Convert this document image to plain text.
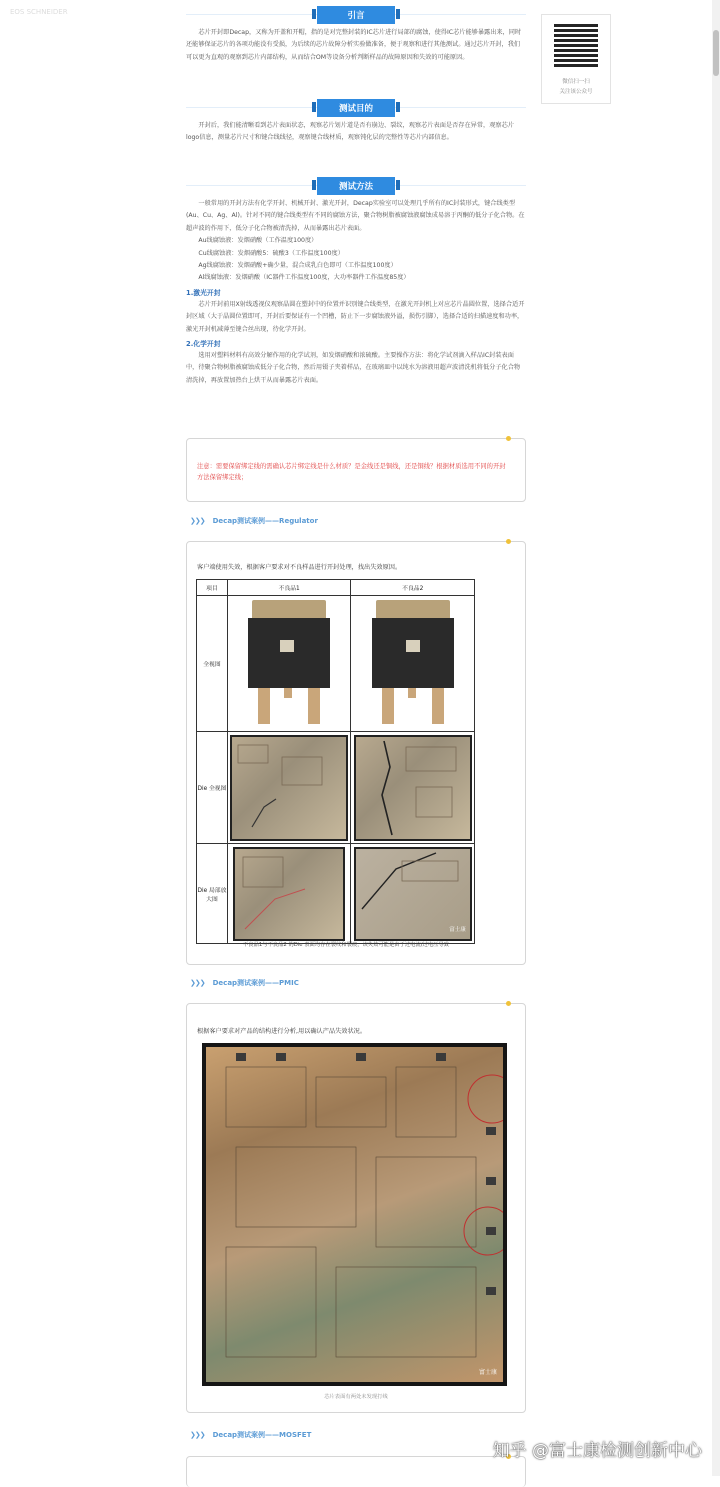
EOS SCHNEIDER	引言

芯片开封即Decap，又称为开盖和开帽，指的是对完整封装的IC芯片进行局部的腐蚀，使得IC芯片能够暴露出来，同时还能够保证芯片的各项功能没有受损，为后续的芯片故障分析实验做准备，便于观察和进行其他测试。通过芯片开封，我们可以更为直观的观察到芯片内部结构，从而结合OM等设备分析判断样品的故障原因和失效的可能原因。

测试目的

开封后，我们能清晰看到芯片表面状态，观察芯片划片道是否有崩边、裂纹，观察芯片表面是否存在异常，观察芯片logo信息，测量芯片尺寸和键合线线径，观察键合线材质，观察钝化层的完整性等芯片内部信息。

测试方法

一般常用的开封方法有化学开封、机械开封、激光开封，Decap实验室可以处理几乎所有的IC封装形式，键合线类型(Au、Cu、Ag、Al)。针对不同的键合线类型有不同的腐蚀方法，聚合物树脂被腐蚀液腐蚀成易溶于丙酮的低分子化合物。在超声波的作用下，低分子化合物被清洗掉，从而暴露出芯片表面。

Au线腐蚀液：发烟硝酸（工作温度100度）

Cu线腐蚀液：发烟硝酸5：硫酸3（工作温度100度）

Ag线腐蚀液：发烟硝酸+确少量，混合成乳白色即可（工作温度100度）

Al线腐蚀液：发烟硝酸（IC器件工作温度100度，大功率器件工作温度85度）

1.激光开封

芯片开封前用X射线透视仪观察晶圆在塑封中的位置并识别键合线类型，在激光开封机上对应芯片晶圆位置，选择合适开封区域（大于晶圆位置即可，开封后要保证有一个凹槽，防止下一步腐蚀液外溢，损伤引脚），选择合适的扫描速度和功率，激光开封机减薄至键合丝出现，待化学开封。

2.化学开封

选用对塑料材料有高效分解作用的化学试剂，如发烟硝酸和浓硫酸。主要操作方法：将化学试剂滴入样品IC封装表面中，待聚合物树脂被腐蚀成低分子化合物，然后用镊子夹着样品，在玻璃皿中以纯水为溶液用超声波清洗机将低分子化合物清洗掉，再放置加热台上烘干从而暴露芯片表面。

注意：需要保留绑定线的需确认芯片绑定线是什么材质？是金线还是铜线，还是铜线？根据材质选用不同的开封方法保留绑定线；

❯❯❯ Decap测试案例——Regulator

客户端使用失效，根据客户要求对不良样品进行开封处理，找出失效原因。

项目	不良品1	不良品2
全视图	

Die 全视图	

Die 局部放大图		富士康
不良品1与不良品2 的Die 表面均存在裂纹和裂痕，该失效可能是由于过电流/过电压导致
❯❯❯ Decap测试案例——PMIC

根据客户要求对产品的结构进行分析,用以确认产品失效状况。

富士康
芯片表面有两处未发现打线
❯❯❯ Decap测试案例——MOSFET
微信扫一扫
关注该公众号
知乎 @富士康检测创新中心
